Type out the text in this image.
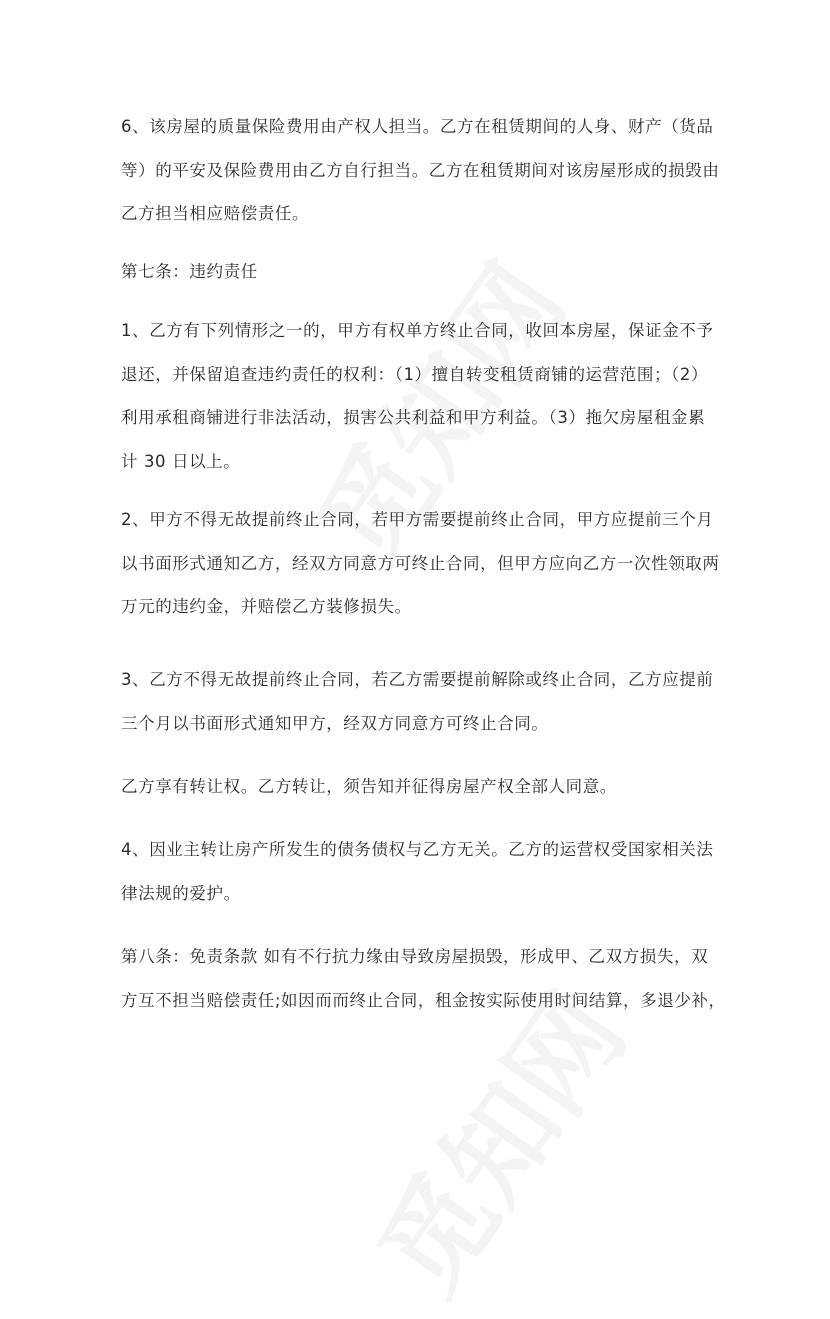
6、该房屋的质量保险费用由产权人担当。乙方在租赁期间的人身、财产（货品
等）的平安及保险费用由乙方自行担当。乙方在租赁期间对该房屋形成的损毁由
乙方担当相应赔偿责任。
第七条：违约责任
1、乙方有下列情形之一的，甲方有权单方终止合同，收回本房屋，保证金不予
退还，并保留追查违约责任的权利：（1）擅自转变租赁商铺的运营范围；（2）
利用承租商铺进行非法活动，损害公共利益和甲方利益。（3）拖欠房屋租金累
计 30 日以上。
2、甲方不得无故提前终止合同，若甲方需要提前终止合同，甲方应提前三个月
以书面形式通知乙方，经双方同意方可终止合同，但甲方应向乙方一次性领取两
万元的违约金，并赔偿乙方装修损失。
3、乙方不得无故提前终止合同，若乙方需要提前解除或终止合同，乙方应提前
三个月以书面形式通知甲方，经双方同意方可终止合同。
乙方享有转让权。乙方转让，须告知并征得房屋产权全部人同意。
4、因业主转让房产所发生的债务债权与乙方无关。乙方的运营权受国家相关法
律法规的爱护。
第八条：免责条款 如有不行抗力缘由导致房屋损毁，形成甲、乙双方损失，双
方互不担当赔偿责任;如因而而终止合同，租金按实际使用时间结算，多退少补，
